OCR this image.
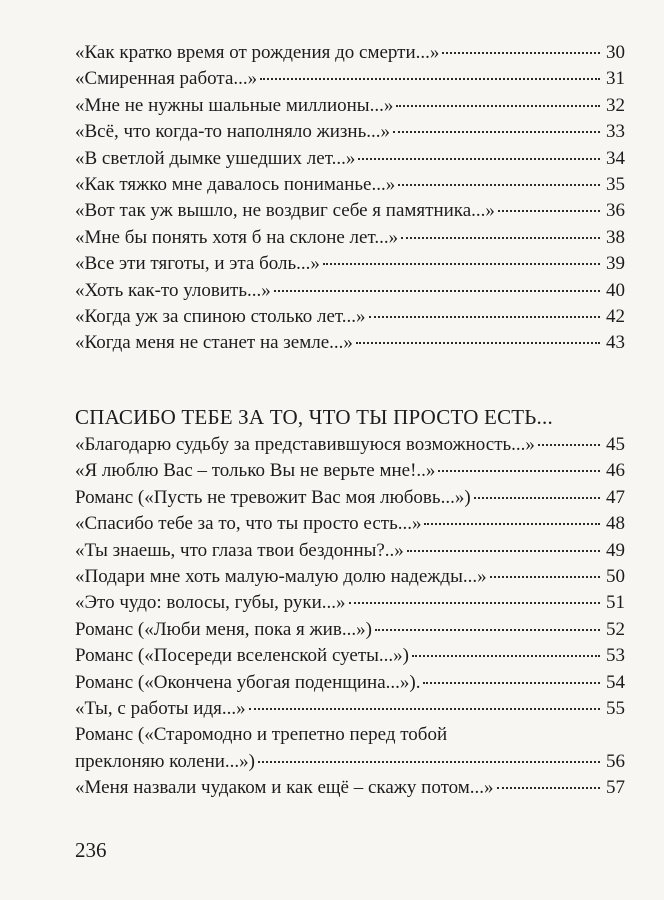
«Как кратко время от рождения до смерти...»	30
«Смиренная работа...»	31
«Мне не нужны шальные миллионы...»	32
«Всё, что когда-то наполняло жизнь...»	33
«В светлой дымке ушедших лет...»	34
«Как тяжко мне давалось пониманье...»	35
«Вот так уж вышло, не воздвиг себе я памятника...»	36
«Мне бы понять хотя б на склоне лет...»	38
«Все эти тяготы, и эта боль...»	39
«Хоть как-то уловить...»	40
«Когда уж за спиною столько лет...»	42
«Когда меня не станет на земле...»	43
СПАСИБО ТЕБЕ ЗА ТО, ЧТО ТЫ ПРОСТО ЕСТЬ...
«Благодарю судьбу за представившуюся возможность...»	45
«Я люблю Вас – только Вы не верьте мне!..»	46
Романс («Пусть не тревожит Вас моя любовь...»)	47
«Спасибо тебе за то, что ты просто есть...»	48
«Ты знаешь, что глаза твои бездонны?..»	49
«Подари мне хоть малую-малую долю надежды...»	50
«Это чудо: волосы, губы, руки...»	51
Романс («Люби меня, пока я жив...»)	52
Романс («Посереди вселенской суеты...»)	53
Романс («Окончена убогая поденщина...»).	54
«Ты, с работы идя...»	55
Романс («Старомодно и трепетно перед тобой
преклоняю колени...»)	56
«Меня назвали чудаком и как ещё – скажу потом...»	57
236
